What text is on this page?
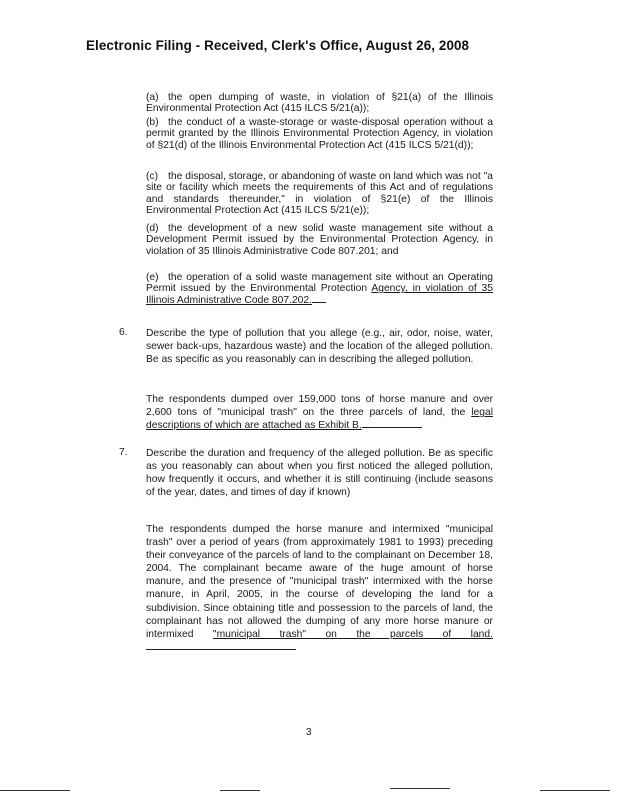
Electronic Filing - Received, Clerk's Office, August 26, 2008
(a) the open dumping of waste, in violation of §21(a) of the Illinois Environmental Protection Act (415 ILCS 5/21(a));
(b) the conduct of a waste-storage or waste-disposal operation without a permit granted by the Illinois Environmental Protection Agency, in violation of §21(d) of the Illinois Environmental Protection Act (415 ILCS 5/21(d));
(c) the disposal, storage, or abandoning of waste on land which was not "a site or facility which meets the requirements of this Act and of regulations and standards thereunder," in violation of §21(e) of the Illinois Environmental Protection Act (415 ILCS 5/21(e));
(d) the development of a new solid waste management site without a Development Permit issued by the Environmental Protection Agency, in violation of 35 Illinois Administrative Code 807.201; and
(e) the operation of a solid waste management site without an Operating Permit issued by the Environmental Protection Agency, in violation of 35 Illinois Administrative Code 807.202.
6. Describe the type of pollution that you allege (e.g., air, odor, noise, water, sewer back-ups, hazardous waste) and the location of the alleged pollution. Be as specific as you reasonably can in describing the alleged pollution.
The respondents dumped over 159,000 tons of horse manure and over 2,600 tons of "municipal trash" on the three parcels of land, the legal descriptions of which are attached as Exhibit B.
7. Describe the duration and frequency of the alleged pollution. Be as specific as you reasonably can about when you first noticed the alleged pollution, how frequently it occurs, and whether it is still continuing (include seasons of the year, dates, and times of day if known)
The respondents dumped the horse manure and intermixed "municipal trash" over a period of years (from approximately 1981 to 1993) preceding their conveyance of the parcels of land to the complainant on December 18, 2004. The complainant became aware of the huge amount of horse manure, and the presence of "municipal trash" intermixed with the horse manure, in April, 2005, in the course of developing the land for a subdivision. Since obtaining title and possession to the parcels of land, the complainant has not allowed the dumping of any more horse manure or intermixed "municipal trash" on the parcels of land.
3
